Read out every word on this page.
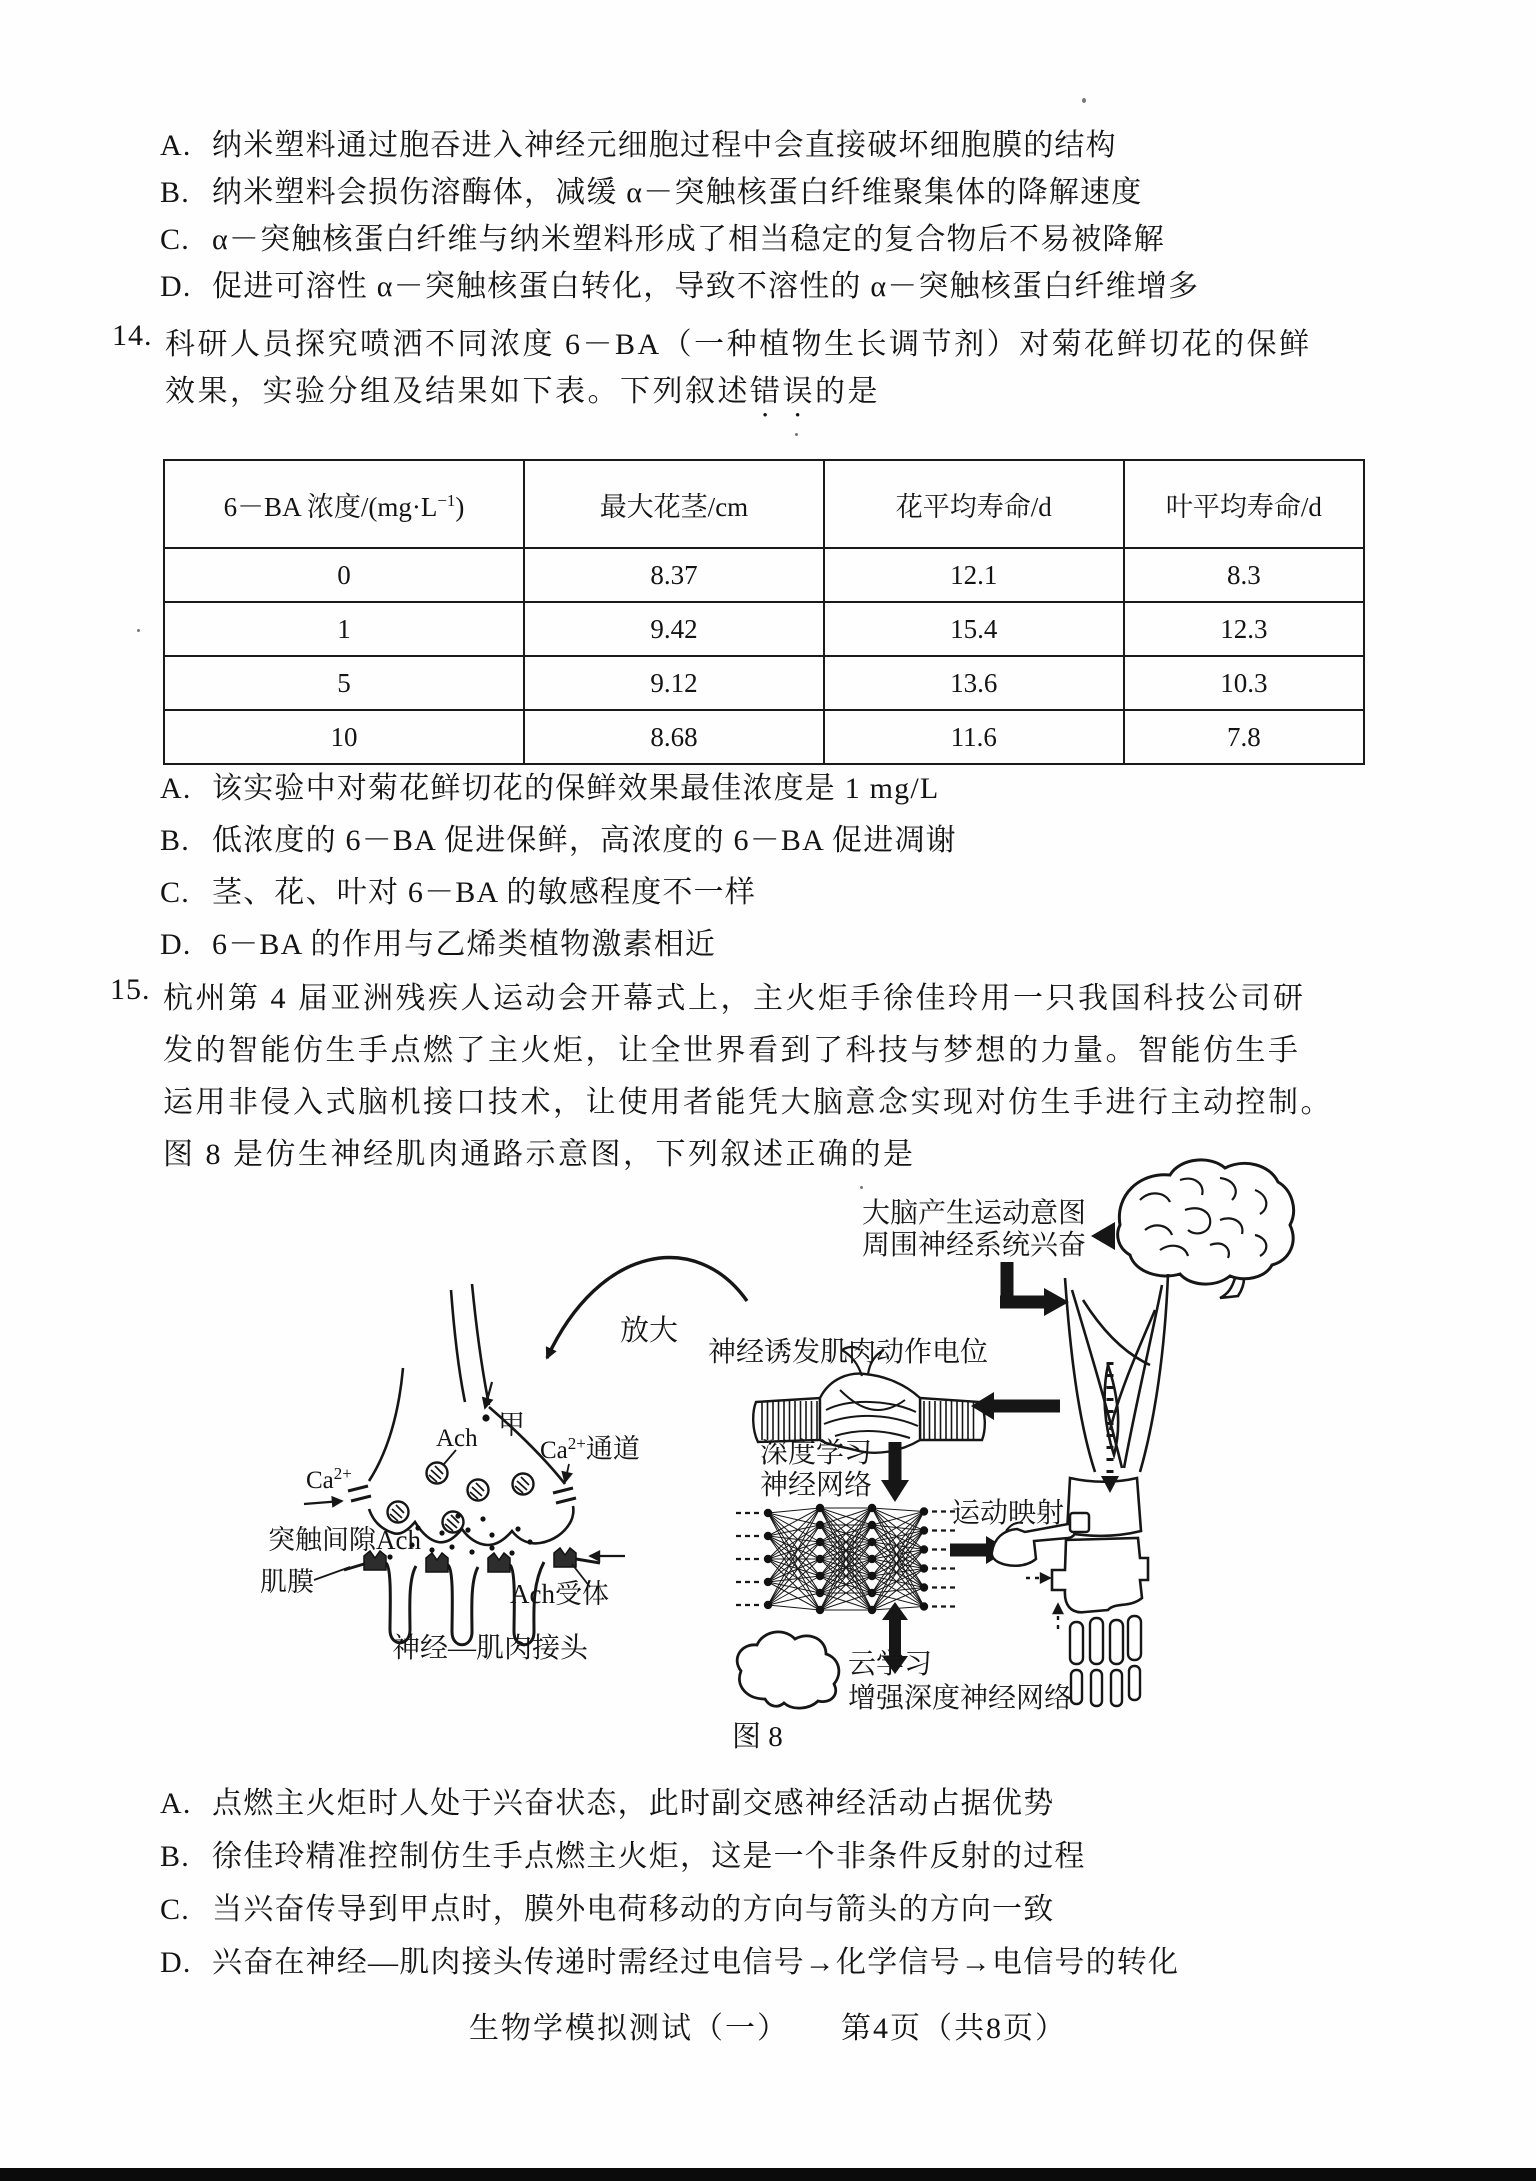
A. 纳米塑料通过胞吞进入神经元细胞过程中会直接破坏细胞膜的结构
B. 纳米塑料会损伤溶酶体，减缓 α－突触核蛋白纤维聚集体的降解速度
C. α－突触核蛋白纤维与纳米塑料形成了相当稳定的复合物后不易被降解
D. 促进可溶性 α－突触核蛋白转化，导致不溶性的 α－突触核蛋白纤维增多
14. 科研人员探究喷洒不同浓度 6－BA（一种植物生长调节剂）对菊花鲜切花的保鲜
效果，实验分组及结果如下表。下列叙述错误的是
6－BA 浓度$/(mg\cdot L^{-1})$	最大花茎/cm	花平均寿命/d	叶平均寿命/d
0	8.37	12.1	8.3
1	9.42	15.4	12.3
5	9.12	13.6	10.3
10	8.68	11.6	7.8
A. 该实验中对菊花鲜切花的保鲜效果最佳浓度是 1 mg/L
B. 低浓度的 6－BA 促进保鲜，高浓度的 6－BA 促进凋谢
C. 茎、花、叶对 6－BA 的敏感程度不一样
D. 6－BA 的作用与乙烯类植物激素相近
15. 杭州第 4 届亚洲残疾人运动会开幕式上，主火炬手徐佳玲用一只我国科技公司研
发的智能仿生手点燃了主火炬，让全世界看到了科技与梦想的力量。智能仿生手
运用非侵入式脑机接口技术，让使用者能凭大脑意念实现对仿生手进行主动控制。
图 8 是仿生神经肌肉通路示意图，下列叙述正确的是
大脑产生运动意图
周围神经系统兴奋
放大
神经诱发肌肉动作电位
深度学习
神经网络
运动映射
云学习
增强深度神经网络
甲
Ach $Ca^{2+}$通道
$Ca^{2+}$
突触间隙Ach
肌膜	Ach受体
神经—肌肉接头
图 8
A. 点燃主火炬时人处于兴奋状态，此时副交感神经活动占据优势
B. 徐佳玲精准控制仿生手点燃主火炬，这是一个非条件反射的过程
C. 当兴奋传导到甲点时，膜外电荷移动的方向与箭头的方向一致
D. 兴奋在神经—肌肉接头传递时需经过电信号→化学信号→电信号的转化
生物学模拟测试（一） 第4页（共8页）
